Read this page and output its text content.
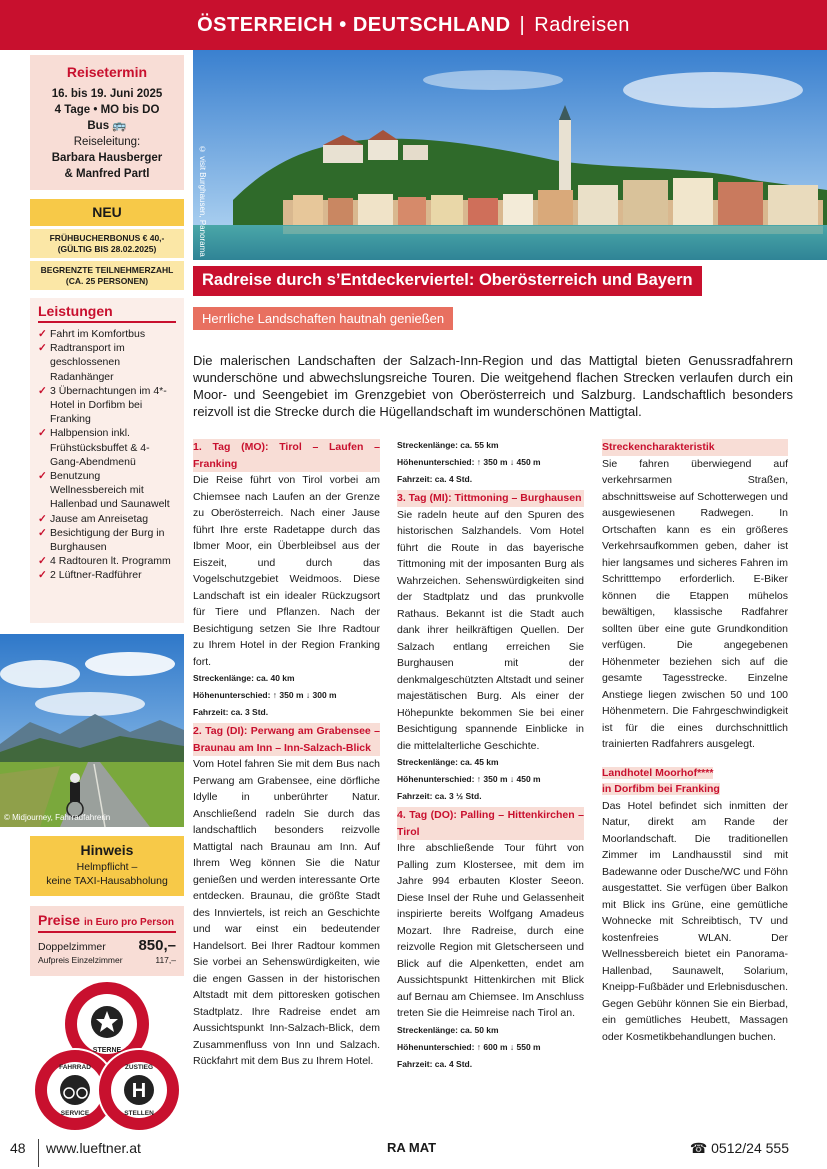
ÖSTERREICH • DEUTSCHLAND | Radreisen
Reisetermin
16. bis 19. Juni 2025
4 Tage • MO bis DO
Bus 🚌
Reiseleitung:
Barbara Hausberger
& Manfred Partl
NEU
FRÜHBUCHERBONUS € 40,-
(GÜLTIG BIS 28.02.2025)
BEGRENZTE TEILNEHMERZAHL
(CA. 25 PERSONEN)
Leistungen
✓ Fahrt im Komfortbus
✓ Radtransport im geschlossenen Radanhänger
✓ 3 Übernachtungen im 4*-Hotel in Dorfibm bei Franking
✓ Halbpension inkl. Frühstücksbuffet & 4-Gang-Abendmenü
✓ Benutzung Wellnessbereich mit Hallenbad und Saunawelt
✓ Jause am Anreisetag
✓ Besichtigung der Burg in Burghausen
✓ 4 Radtouren lt. Programm
✓ 2 Lüftner-Radführer
© Midjourney, Fahrradfahrerin
Hinweis

Helmpflicht –

keine TAXI-Hausabholung

Preise in Euro pro Person
Doppelzimmer 850,–
Aufpreis Einzelzimmer	117,–
STERNE
FAHRRAD
SERVICE
H
ZUSTIEG
STELLEN
© visit Burghausen, Panorama
Radreise durch s’Entdeckerviertel: Oberösterreich und Bayern
Herrliche Landschaften hautnah genießen

Die malerischen Landschaften der Salzach-Inn-Region und das Mattigtal bieten Genussradfahrern wunderschöne und abwechslungsreiche Touren. Die weitgehend flachen Strecken verlaufen durch ein Moor- und Seengebiet im Grenzgebiet von Oberösterreich und Salzburg. Landschaftlich besonders reizvoll ist die Strecke durch die Hügellandschaft im wunderschönen Mattigtal.

1. Tag (MO): Tirol – Laufen – Franking

Die Reise führt von Tirol vorbei am Chiemsee nach Laufen an der Grenze zu Oberösterreich. Nach einer Jause führt Ihre erste Radetappe durch das Ibmer Moor, ein Überbleibsel aus der Eiszeit, und durch das Vogelschutzgebiet Weidmoos. Diese Landschaft ist ein idealer Rückzugsort für Tiere und Pflanzen. Nach der Besichtigung setzen Sie Ihre Radtour zu Ihrem Hotel in der Region Franking fort.

Streckenlänge: ca. 40 km
Höhenunterschied: ↑ 350 m ↓ 300 m
Fahrzeit: ca. 3 Std.
2. Tag (DI): Perwang am Grabensee – Braunau am Inn – Inn-Salzach-Blick

Vom Hotel fahren Sie mit dem Bus nach Perwang am Grabensee, eine dörfliche Idylle in unberührter Natur. Anschließend radeln Sie durch das landschaftlich besonders reizvolle Mattigtal nach Braunau am Inn. Auf Ihrem Weg können Sie die Natur genießen und werden interessante Orte entdecken. Braunau, die größte Stadt des Innviertels, ist reich an Geschichte und war einst ein bedeutender Handelsort. Bei Ihrer Radtour kommen Sie vorbei an Sehenswürdigkeiten, wie die engen Gassen in der historischen Altstadt mit dem pittoresken gotischen Stadtplatz. Ihre Radreise endet am Aussichtspunkt Inn-Salzach-Blick, dem Zusammenfluss von Inn und Salzach. Rückfahrt mit dem Bus zu Ihrem Hotel.

Streckenlänge: ca. 55 km
Höhenunterschied: ↑ 350 m ↓ 450 m
Fahrzeit: ca. 4 Std.
3. Tag (MI): Tittmoning – Burghausen

Sie radeln heute auf den Spuren des historischen Salzhandels. Vom Hotel führt die Route in das bayerische Tittmoning mit der imposanten Burg als Wahrzeichen. Sehenswürdigkeiten sind der Stadtplatz und das prunkvolle Rathaus. Bekannt ist die Stadt auch dank ihrer heilkräftigen Quellen. Der Salzach entlang erreichen Sie Burghausen mit der denkmalgeschützten Altstadt und seiner majestätischen Burg. Als einer der Höhepunkte bekommen Sie bei einer Besichtigung spannende Einblicke in die mittelalterliche Geschichte.

Streckenlänge: ca. 45 km
Höhenunterschied: ↑ 350 m ↓ 450 m
Fahrzeit: ca. 3 ½ Std.
4. Tag (DO): Palling – Hittenkirchen – Tirol

Ihre abschließende Tour führt von Palling zum Klostersee, mit dem im Jahre 994 erbauten Kloster Seeon. Diese Insel der Ruhe und Gelassenheit inspirierte bereits Wolfgang Amadeus Mozart. Ihre Radreise, durch eine reizvolle Region mit Gletscherseen und Blick auf die Alpenketten, endet am Aussichtspunkt Hittenkirchen mit Blick auf Bernau am Chiemsee. Im Anschluss treten Sie die Heimreise nach Tirol an.

Streckenlänge: ca. 50 km
Höhenunterschied: ↑ 600 m ↓ 550 m
Fahrzeit: ca. 4 Std.
Streckencharakteristik

Sie fahren überwiegend auf verkehrsarmen Straßen, abschnittsweise auf Schotterwegen und ausgewiesenen Radwegen. In Ortschaften kann es ein größeres Verkehrsaufkommen geben, daher ist hier langsames und sicheres Fahren im Schritttempo erforderlich. E-Biker können die Etappen mühelos bewältigen, klassische Radfahrer sollten über eine gute Grundkondition verfügen. Die angegebenen Höhenmeter beziehen sich auf die gesamte Tagesstrecke. Einzelne Anstiege liegen zwischen 50 und 100 Höhenmetern. Die Fahrgeschwindigkeit ist für die eines durchschnittlich trainierten Radfahrers ausgelegt.

Landhotel Moorhof****
in Dorfibm bei Franking

Das Hotel befindet sich inmitten der Natur, direkt am Rande der Moorlandschaft. Die traditionellen Zimmer im Landhausstil sind mit Badewanne oder Dusche/WC und Föhn ausgestattet. Sie verfügen über Balkon mit Blick ins Grüne, eine gemütliche Wohnecke mit Schreibtisch, TV und kostenfreies WLAN. Der Wellnessbereich bietet ein Panorama-Hallenbad, Saunawelt, Solarium, Kneipp-Fußbäder und Erlebnisduschen. Gegen Gebühr können Sie ein Bierbad, ein gemütliches Heubett, Massagen oder Kosmetikbehandlungen buchen.

48 www.lueftner.at	RA MAT	☎ 0512/24 555
